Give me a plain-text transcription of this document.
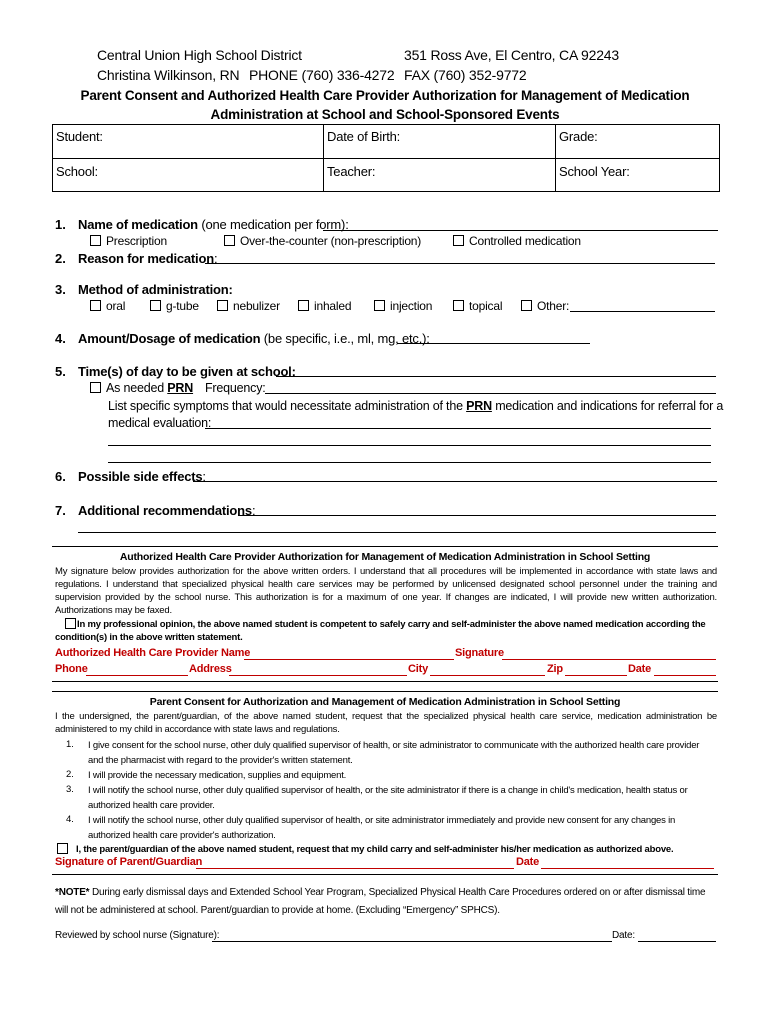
Central Union High School District	351 Ross Ave, El Centro, CA 92243
Christina Wilkinson, RN PHONE (760) 336-4272 FAX (760) 352-9772
Parent Consent and Authorized Health Care Provider Authorization for Management of Medication
Administration at School and School-Sponsored Events
Student:	Date of Birth:	Grade:
School:	Teacher:	School Year:
1. Name of medication (one medication per form):
Prescription	Over-the-counter (non-prescription)	Controlled medication
2. Reason for medication:
3. Method of administration:
oral	g-tube	nebulizer	inhaled	injection	topical	Other:
4. Amount/Dosage of medication (be specific, i.e., ml, mg, etc.):
5. Time(s) of day to be given at school:
As needed PRN Frequency:
List specific symptoms that would necessitate administration of the PRN medication and indications for referral for a
medical evaluation:
6. Possible side effects:
7. Additional recommendations:
Authorized Health Care Provider Authorization for Management of Medication Administration in School Setting
My signature below provides authorization for the above written orders. I understand that all procedures will be implemented in accordance with state laws and regulations. I understand that specialized physical health care services may be performed by unlicensed designated school personnel under the training and supervision provided by the school nurse. This authorization is for a maximum of one year. If changes are indicated, I will provide new written authorization. Authorizations may be faxed.
In my professional opinion, the above named student is competent to safely carry and self-administer the above named medication according the condition(s) in the above written statement.
Authorized Health Care Provider Name	Signature
Phone	Address	City	Zip	Date
Parent Consent for Authorization and Management of Medication Administration in School Setting
I the undersigned, the parent/guardian, of the above named student, request that the specialized physical health care service, medication administration be administered to my child in accordance with state laws and regulations.
1. I give consent for the school nurse, other duly qualified supervisor of health, or site administrator to communicate with the authorized health care provider and the pharmacist with regard to the provider's written statement.
2. I will provide the necessary medication, supplies and equipment.
3. I will notify the school nurse, other duly qualified supervisor of health, or the site administrator if there is a change in child's medication, health status or authorized health care provider.
4. I will notify the school nurse, other duly qualified supervisor of health, or site administrator immediately and provide new consent for any changes in authorized health care provider's authorization.
I, the parent/guardian of the above named student, request that my child carry and self-administer his/her medication as authorized above.
Signature of Parent/Guardian	Date
*NOTE* During early dismissal days and Extended School Year Program, Specialized Physical Health Care Procedures ordered on or after dismissal time will not be administered at school. Parent/guardian to provide at home. (Excluding “Emergency” SPHCS).
Reviewed by school nurse (Signature):	Date:
